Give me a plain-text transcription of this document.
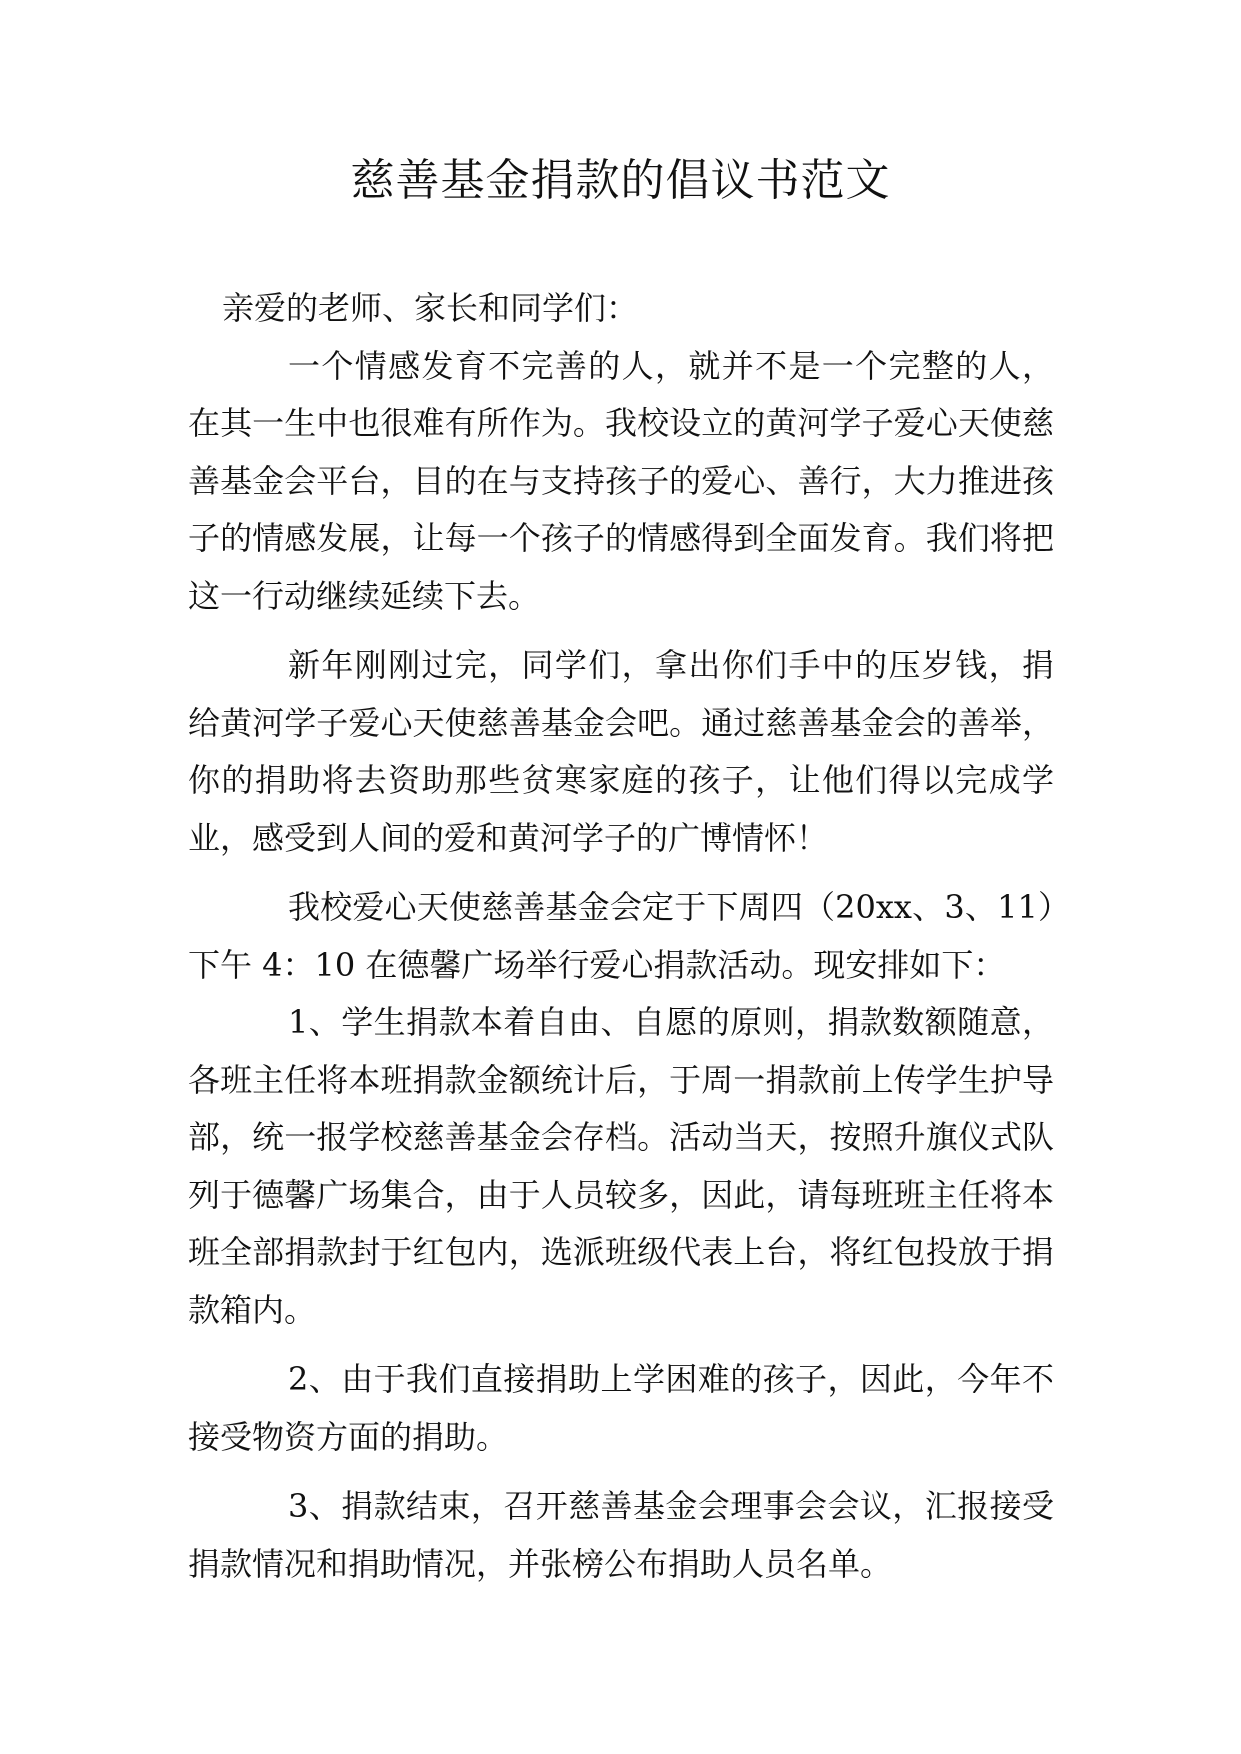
慈善基金捐款的倡议书范文

亲爱的老师、家长和同学们：

一个情感发育不完善的人，就并不是一个完整的人，在其一生中也很难有所作为。我校设立的黄河学子爱心天使慈善基金会平台，目的在与支持孩子的爱心、善行，大力推进孩子的情感发展，让每一个孩子的情感得到全面发育。我们将把这一行动继续延续下去。

新年刚刚过完，同学们，拿出你们手中的压岁钱，捐给黄河学子爱心天使慈善基金会吧。通过慈善基金会的善举，你的捐助将去资助那些贫寒家庭的孩子，让他们得以完成学业，感受到人间的爱和黄河学子的广博情怀！

我校爱心天使慈善基金会定于下周四（20xx、3、11）下午 4：10 在德馨广场举行爱心捐款活动。现安排如下：

1、学生捐款本着自由、自愿的原则，捐款数额随意，各班主任将本班捐款金额统计后，于周一捐款前上传学生护导部，统一报学校慈善基金会存档。活动当天，按照升旗仪式队列于德馨广场集合，由于人员较多，因此，请每班班主任将本班全部捐款封于红包内，选派班级代表上台，将红包投放于捐款箱内。

2、由于我们直接捐助上学困难的孩子，因此，今年不接受物资方面的捐助。

3、捐款结束，召开慈善基金会理事会会议，汇报接受捐款情况和捐助情况，并张榜公布捐助人员名单。
